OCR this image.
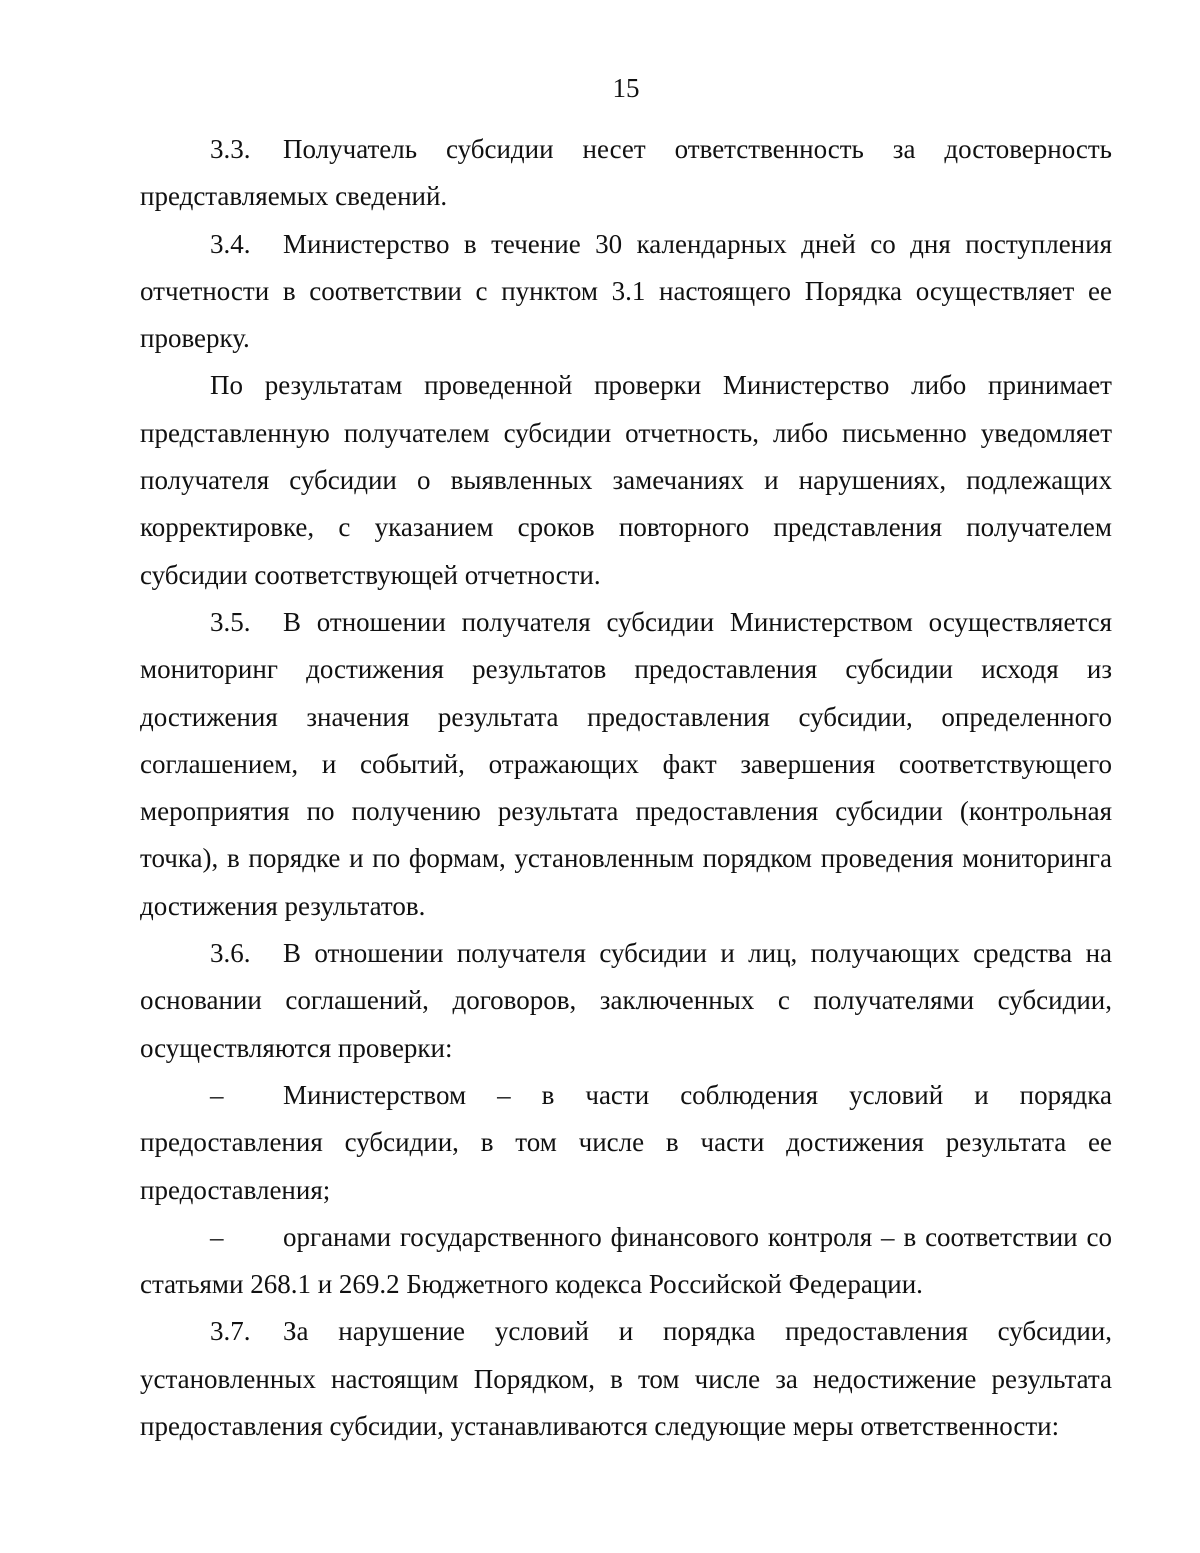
15

3.3. Получатель субсидии несет ответственность за достоверность представляемых сведений.

3.4. Министерство в течение 30 календарных дней со дня поступления отчетности в соответствии с пунктом 3.1 настоящего Порядка осуществляет ее проверку.

По результатам проведенной проверки Министерство либо принимает представленную получателем субсидии отчетность, либо письменно уведомляет получателя субсидии о выявленных замечаниях и нарушениях, подлежащих корректировке, с указанием сроков повторного представления получателем субсидии соответствующей отчетности.

3.5. В отношении получателя субсидии Министерством осуществляется мониторинг достижения результатов предоставления субсидии исходя из достижения значения результата предоставления субсидии, определенного соглашением, и событий, отражающих факт завершения соответствующего мероприятия по получению результата предоставления субсидии (контрольная точка), в порядке и по формам, установленным порядком проведения мониторинга достижения результатов.

3.6. В отношении получателя субсидии и лиц, получающих средства на основании соглашений, договоров, заключенных с получателями субсидии, осуществляются проверки:

– Министерством – в части соблюдения условий и порядка предоставления субсидии, в том числе в части достижения результата ее предоставления;

– органами государственного финансового контроля – в соответствии со статьями 268.1 и 269.2 Бюджетного кодекса Российской Федерации.

3.7. За нарушение условий и порядка предоставления субсидии, установленных настоящим Порядком, в том числе за недостижение результата предоставления субсидии, устанавливаются следующие меры ответственности:
